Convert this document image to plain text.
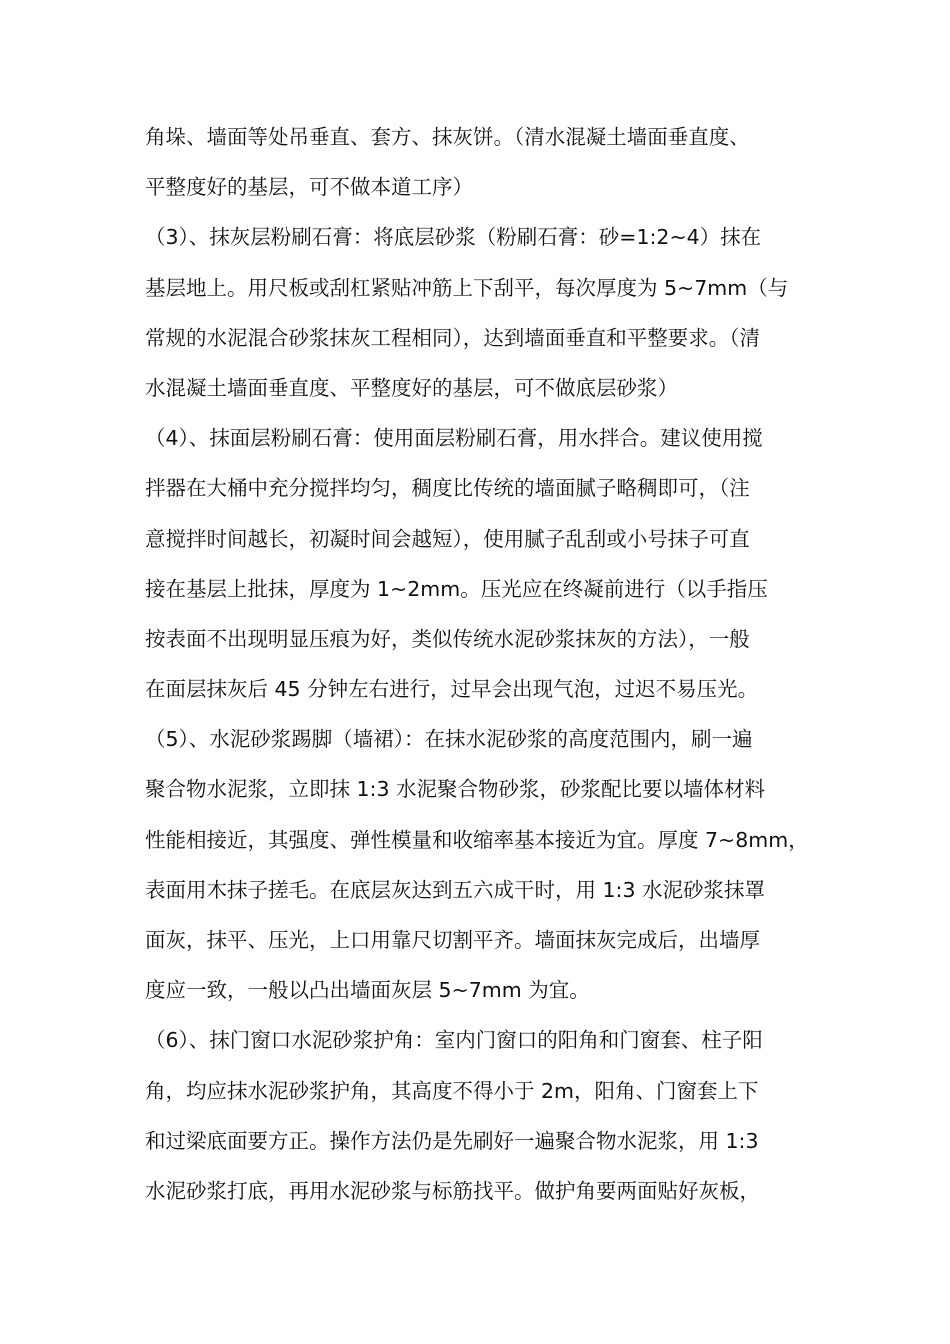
角垛、墙面等处吊垂直、套方、抹灰饼。（清水混凝土墙面垂直度、
平整度好的基层，可不做本道工序）
（3）、抹灰层粉刷石膏：将底层砂浆（粉刷石膏：砂=1:2~4）抹在
基层地上。用尺板或刮杠紧贴冲筋上下刮平，每次厚度为 5~7mm（与
常规的水泥混合砂浆抹灰工程相同），达到墙面垂直和平整要求。（清
水混凝土墙面垂直度、平整度好的基层，可不做底层砂浆）
（4）、抹面层粉刷石膏：使用面层粉刷石膏，用水拌合。建议使用搅
拌器在大桶中充分搅拌均匀，稠度比传统的墙面腻子略稠即可，（注
意搅拌时间越长，初凝时间会越短），使用腻子乱刮或小号抹子可直
接在基层上批抹，厚度为 1~2mm。压光应在终凝前进行（以手指压
按表面不出现明显压痕为好，类似传统水泥砂浆抹灰的方法），一般
在面层抹灰后 45 分钟左右进行，过早会出现气泡，过迟不易压光。
（5）、水泥砂浆踢脚（墙裙）：在抹水泥砂浆的高度范围内，刷一遍
聚合物水泥浆，立即抹 1:3 水泥聚合物砂浆，砂浆配比要以墙体材料
性能相接近，其强度、弹性模量和收缩率基本接近为宜。厚度 7~8mm，
表面用木抹子搓毛。在底层灰达到五六成干时，用 1:3 水泥砂浆抹罩
面灰，抹平、压光，上口用靠尺切割平齐。墙面抹灰完成后，出墙厚
度应一致，一般以凸出墙面灰层 5~7mm 为宜。
（6）、抹门窗口水泥砂浆护角：室内门窗口的阳角和门窗套、柱子阳
角，均应抹水泥砂浆护角，其高度不得小于 2m，阳角、门窗套上下
和过梁底面要方正。操作方法仍是先刷好一遍聚合物水泥浆，用 1:3
水泥砂浆打底，再用水泥砂浆与标筋找平。做护角要两面贴好灰板，
